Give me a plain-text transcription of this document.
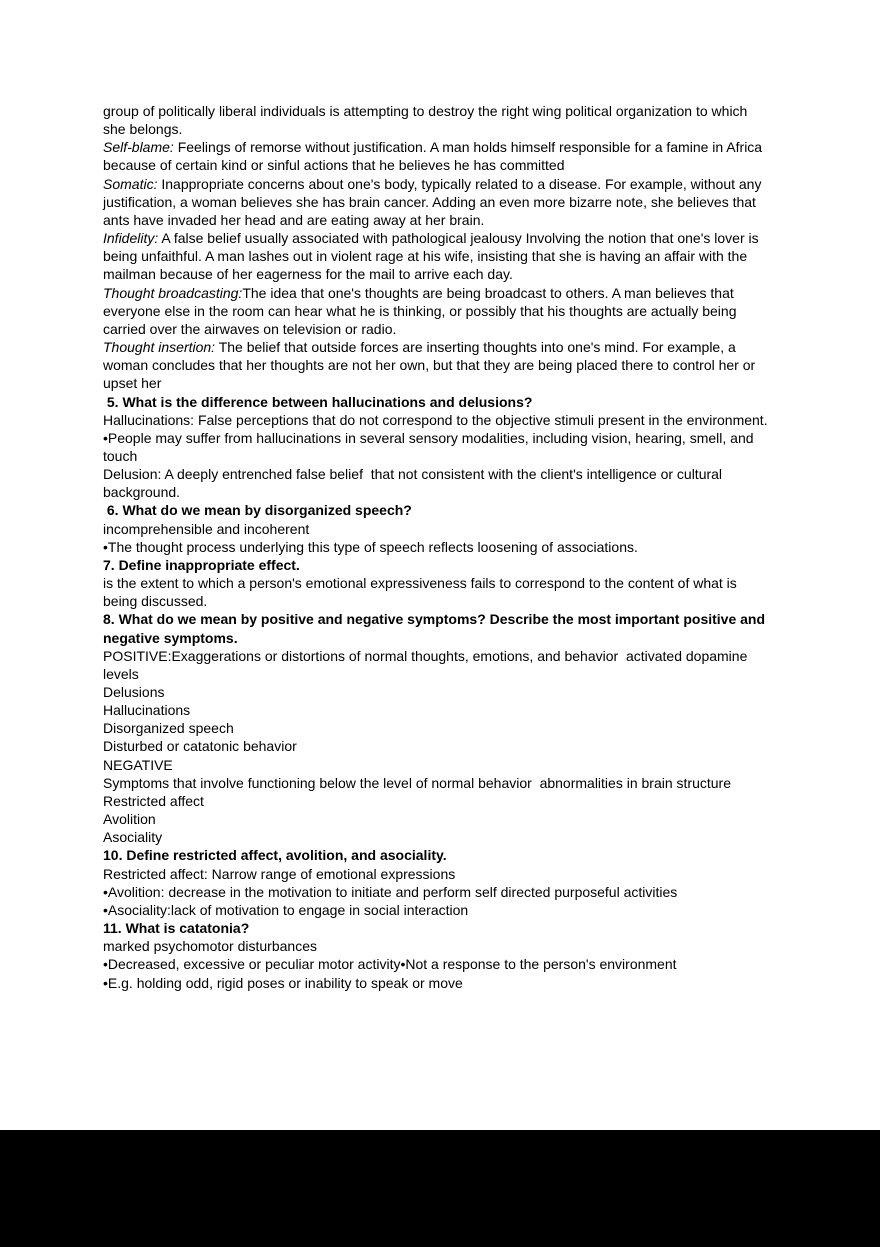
group of politically liberal individuals is attempting to destroy the right wing political organization to which she belongs.

Self-blame: Feelings of remorse without justification. A man holds himself responsible for a famine in Africa because of certain kind or sinful actions that he believes he has committed

Somatic: Inappropriate concerns about one's body, typically related to a disease. For example, without any justification, a woman believes she has brain cancer. Adding an even more bizarre note, she believes that ants have invaded her head and are eating away at her brain.

Infidelity: A false belief usually associated with pathological jealousy Involving the notion that one's lover is being unfaithful. A man lashes out in violent rage at his wife, insisting that she is having an affair with the mailman because of her eagerness for the mail to arrive each day.

Thought broadcasting:The idea that one's thoughts are being broadcast to others. A man believes that everyone else in the room can hear what he is thinking, or possibly that his thoughts are actually being carried over the airwaves on television or radio.

Thought insertion: The belief that outside forces are inserting thoughts into one's mind. For example, a woman concludes that her thoughts are not her own, but that they are being placed there to control her or upset her

5. What is the difference between hallucinations and delusions?

Hallucinations: False perceptions that do not correspond to the objective stimuli present in the environment.

•People may suffer from hallucinations in several sensory modalities, including vision, hearing, smell, and touch

Delusion: A deeply entrenched false belief  that not consistent with the client's intelligence or cultural background.

6. What do we mean by disorganized speech?

incomprehensible and incoherent

•The thought process underlying this type of speech reflects loosening of associations.

7. Define inappropriate effect.

is the extent to which a person's emotional expressiveness fails to correspond to the content of what is being discussed.

8. What do we mean by positive and negative symptoms? Describe the most important positive and negative symptoms.

POSITIVE:Exaggerations or distortions of normal thoughts, emotions, and behavior  activated dopamine levels

Delusions

Hallucinations

Disorganized speech

Disturbed or catatonic behavior

NEGATIVE

Symptoms that involve functioning below the level of normal behavior  abnormalities in brain structure

Restricted affect

Avolition

Asociality

10. Define restricted affect, avolition, and asociality.

Restricted affect: Narrow range of emotional expressions

•Avolition: decrease in the motivation to initiate and perform self directed purposeful activities

•Asociality:lack of motivation to engage in social interaction

11. What is catatonia?

marked psychomotor disturbances

•Decreased, excessive or peculiar motor activity•Not a response to the person's environment

•E.g. holding odd, rigid poses or inability to speak or move
